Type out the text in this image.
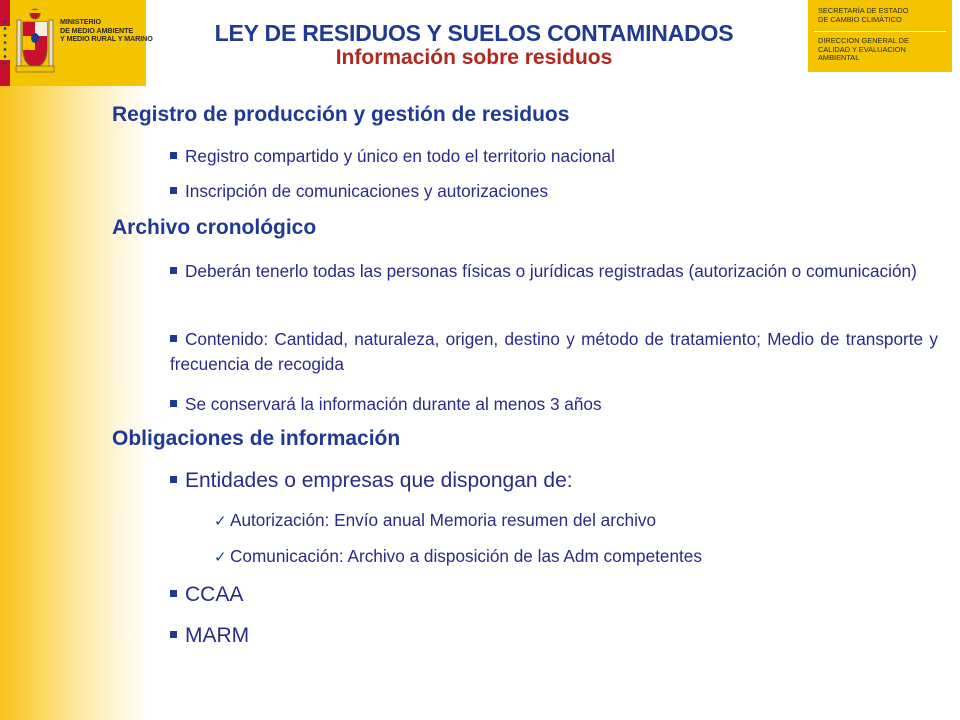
MINISTERIO
DE MEDIO AMBIENTE
Y MEDIO RURAL Y MARINO	LEY DE RESIDUOS Y SUELOS CONTAMINADOS
Información sobre residuos
SECRETARÍA DE ESTADO
DE CAMBIO CLIMÁTICO
DIRECCION GENERAL DE
CALIDAD Y EVALUACION
AMBIENTAL
Registro de producción y gestión de residuos
Registro compartido y único en todo el territorio nacional
Inscripción de comunicaciones y autorizaciones
Archivo cronológico
Deberán tenerlo todas las personas físicas o jurídicas registradas (autorización o comunicación)
Contenido: Cantidad, naturaleza, origen, destino y método de tratamiento; Medio de transporte y frecuencia de recogida
Se conservará la información durante al menos 3 años
Obligaciones de información
Entidades o empresas que dispongan de:
✓ Autorización: Envío anual Memoria resumen del archivo
✓ Comunicación: Archivo a disposición de las Adm competentes
CCAA
MARM
